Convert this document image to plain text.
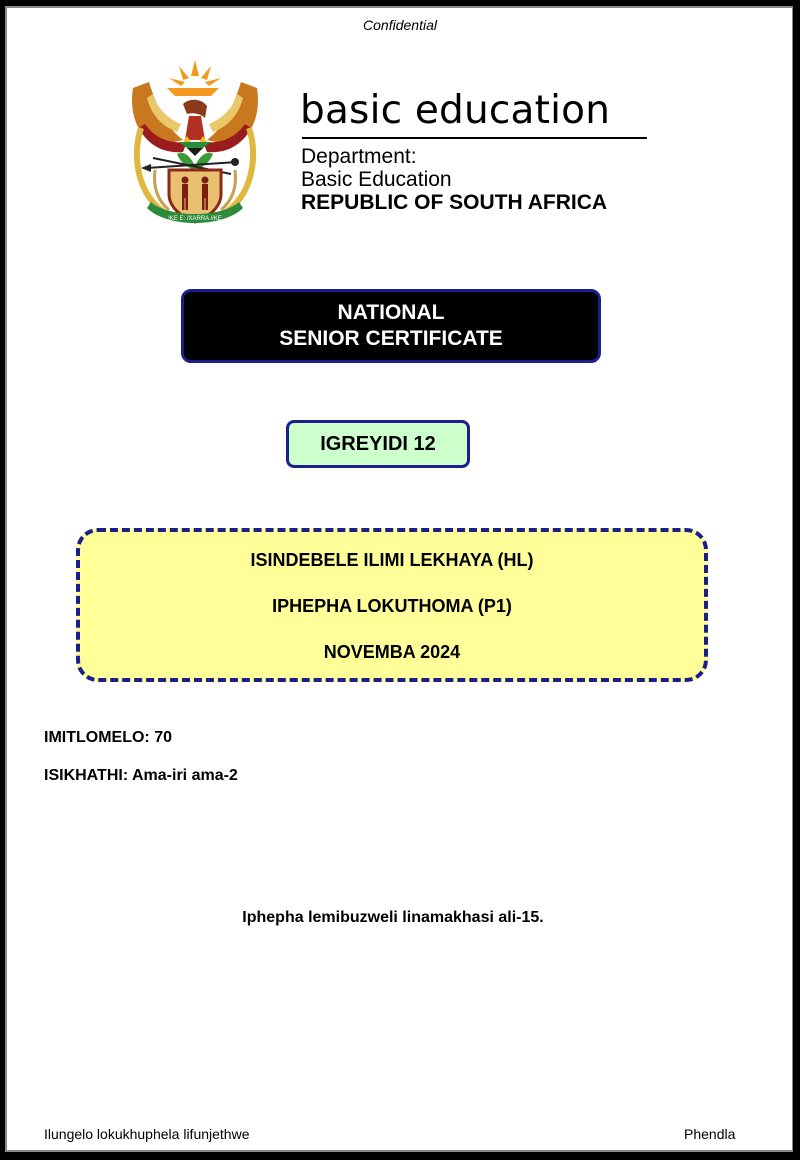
Confidential
!KE E: /XARRA //KE
basic education
Department:
Basic Education
REPUBLIC OF SOUTH AFRICA
NATIONAL
SENIOR CERTIFICATE
IGREYIDI 12
ISINDEBELE ILIMI LEKHAYA (HL)
IPHEPHA LOKUTHOMA (P1)
NOVEMBA 2024
IMITLOMELO: 70
ISIKHATHI: Ama-iri ama-2
Iphepha lemibuzweli linamakhasi ali-15.
Ilungelo lokukhuphela lifunjethwe	Phendla
